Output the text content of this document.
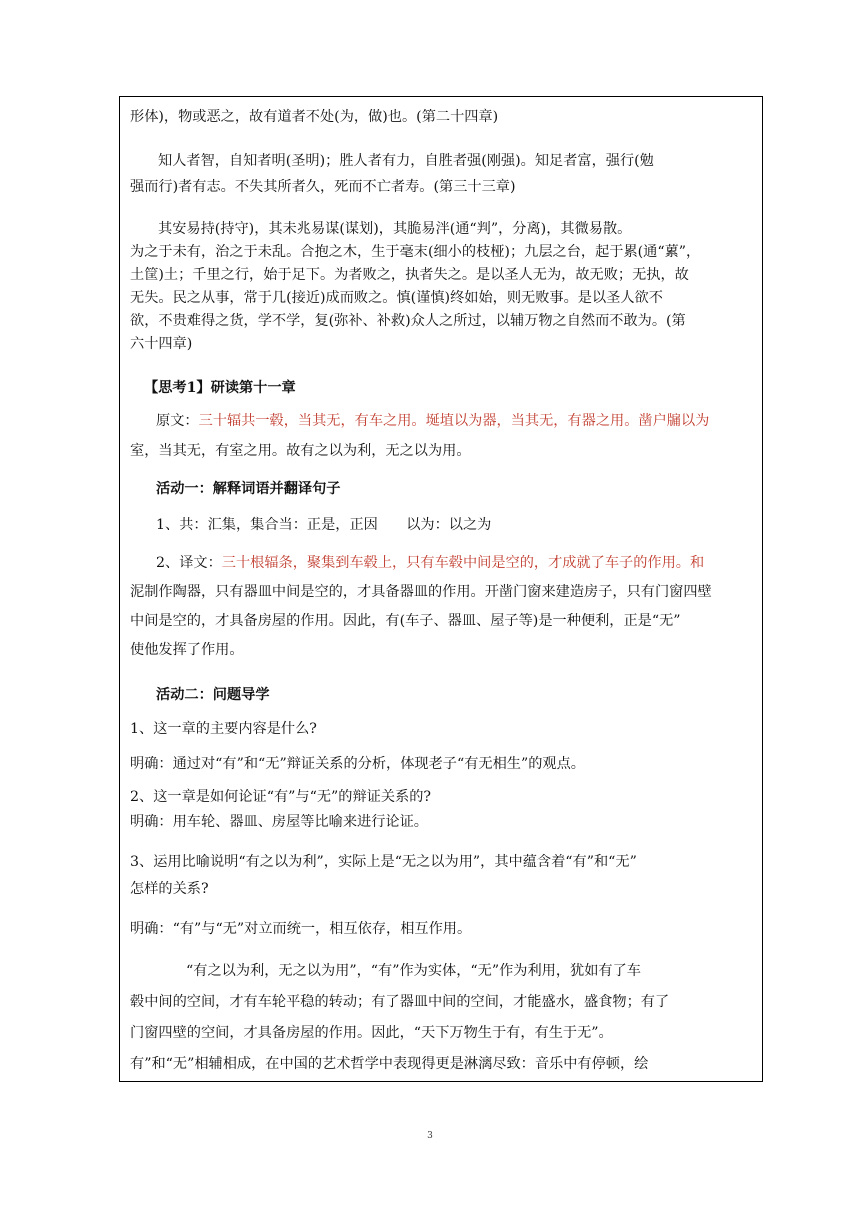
形体)，物或恶之，故有道者不处(为，做)也。(第二十四章)
知人者智，自知者明(圣明)；胜人者有力，自胜者强(刚强)。知足者富，强行(勉
强而行)者有志。不失其所者久，死而不亡者寿。(第三十三章)
其安易持(持守)，其未兆易谋(谋划)，其脆易泮(通“判”，分离)，其微易散。
为之于未有，治之于未乱。合抱之木，生于毫末(细小的枝桠)；九层之台，起于累(通“蔂”，
土筐)土；千里之行，始于足下。为者败之，执者失之。是以圣人无为，故无败；无执，故
无失。民之从事，常于几(接近)成而败之。慎(谨慎)终如始，则无败事。是以圣人欲不
欲，不贵难得之货，学不学，复(弥补、补救)众人之所过，以辅万物之自然而不敢为。(第
六十四章)
【思考1】研读第十一章
原文：三十辐共一毂，当其无，有车之用。埏埴以为器，当其无，有器之用。凿户牖以为
室，当其无，有室之用。故有之以为利，无之以为用。
活动一：解释词语并翻译句子
1、共：汇集，集合当：正是，正因　　以为：以之为
2、译文：三十根辐条，聚集到车毂上，只有车毂中间是空的，才成就了车子的作用。和
泥制作陶器，只有器皿中间是空的，才具备器皿的作用。开凿门窗来建造房子，只有门窗四壁
中间是空的，才具备房屋的作用。因此，有(车子、器皿、屋子等)是一种便利，正是“无”
使他发挥了作用。
活动二：问题导学
1、这一章的主要内容是什么?
明确：通过对“有”和“无”辩证关系的分析，体现老子“有无相生”的观点。
2、这一章是如何论证“有”与“无”的辩证关系的?
明确：用车轮、器皿、房屋等比喻来进行论证。
3、运用比喻说明“有之以为利”，实际上是“无之以为用”，其中蕴含着“有”和“无”
怎样的关系?
明确：“有”与“无”对立而统一，相互依存，相互作用。
“有之以为利，无之以为用”，“有”作为实体，“无”作为利用，犹如有了车
毂中间的空间，才有车轮平稳的转动；有了器皿中间的空间，才能盛水，盛食物；有了
门窗四壁的空间，才具备房屋的作用。因此，“天下万物生于有，有生于无”。
有”和“无”相辅相成，在中国的艺术哲学中表现得更是淋漓尽致：音乐中有停顿，绘
3
